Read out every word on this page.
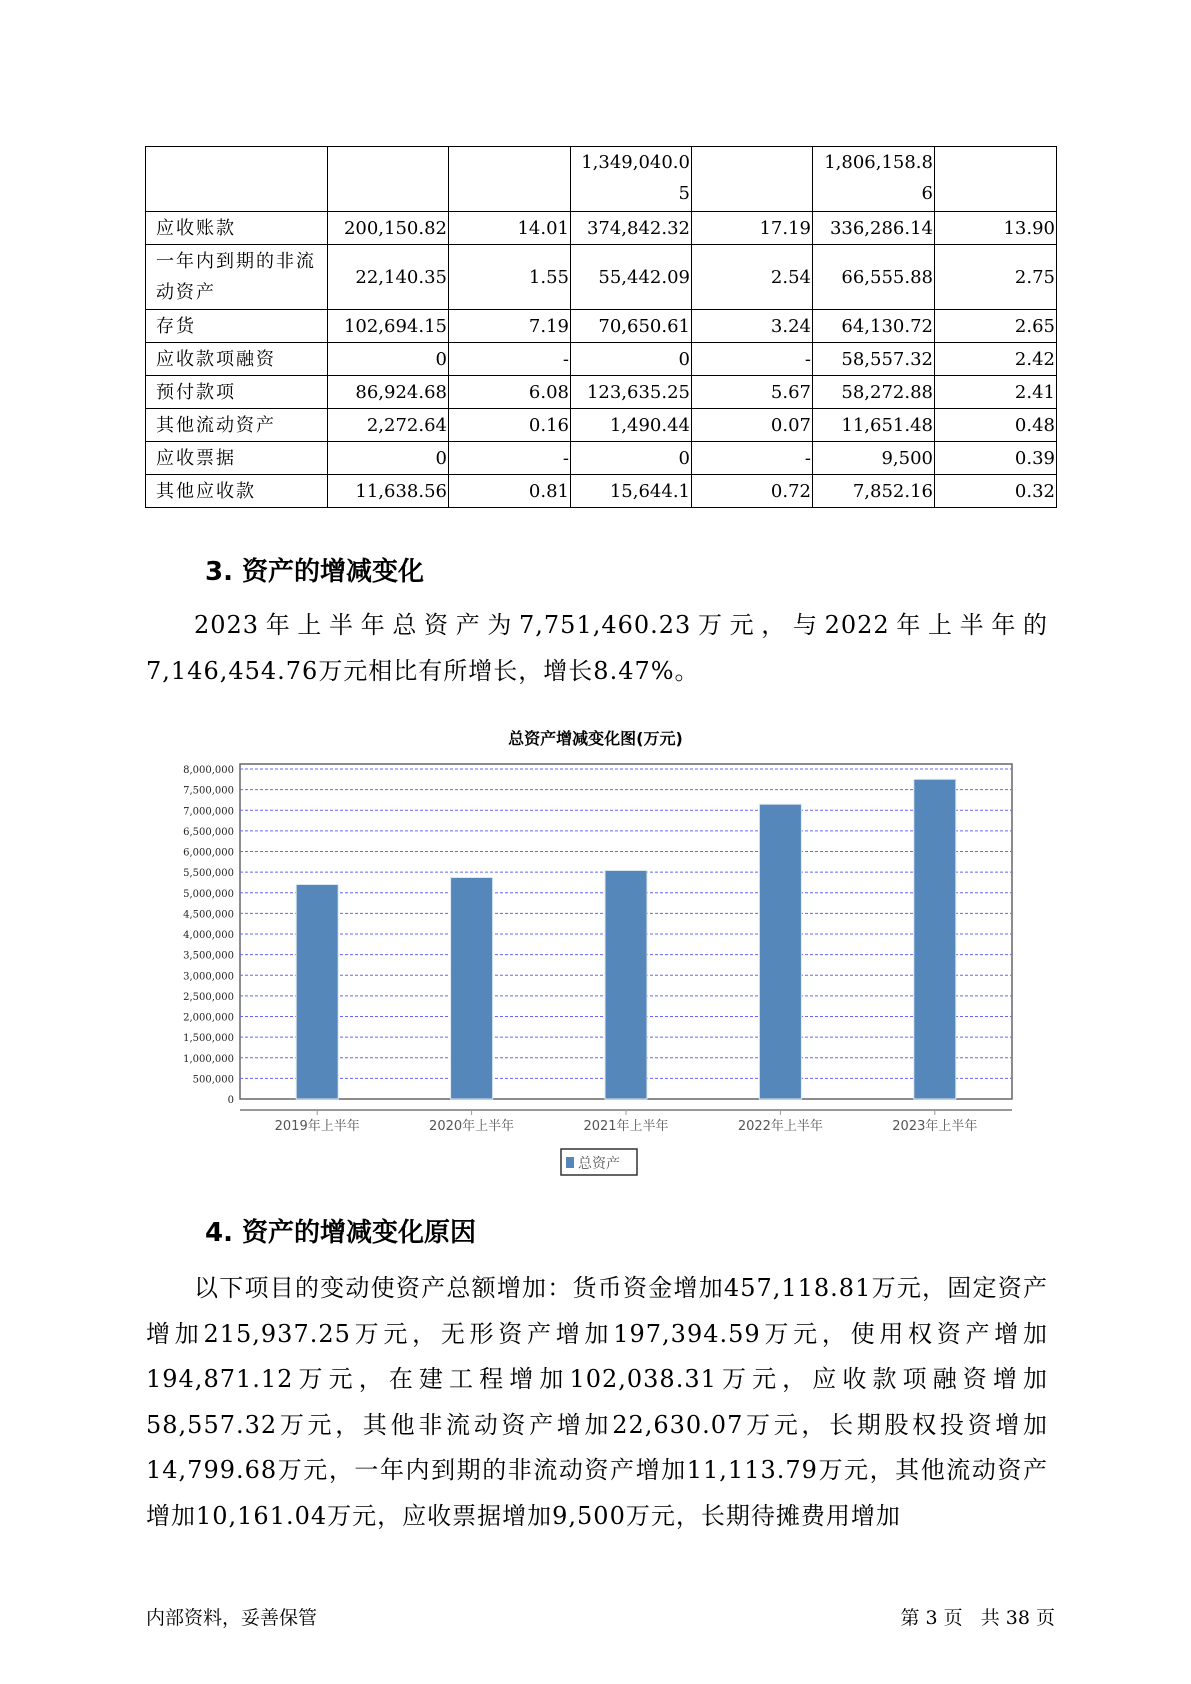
			1,349,040.05		1,806,158.86	
应收账款	200,150.82	14.01	374,842.32	17.19	336,286.14	13.90
一年内到期的非流动资产	22,140.35	1.55	55,442.09	2.54	66,555.88	2.75
存货	102,694.15	7.19	70,650.61	3.24	64,130.72	2.65
应收款项融资	0	-	0	-	58,557.32	2.42
预付款项	86,924.68	6.08	123,635.25	5.67	58,272.88	2.41
其他流动资产	2,272.64	0.16	1,490.44	0.07	11,651.48	0.48
应收票据	0	-	0	-	9,500	0.39
其他应收款	11,638.56	0.81	15,644.1	0.72	7,852.16	0.32
3. 资产的增减变化
2023年上半年总资产为7,751,460.23万元，与2022年上半年的7,146,454.76万元相比有所增长，增长8.47%。
总资产增减变化图(万元)
0
500,000
1,000,000
1,500,000
2,000,000
2,500,000
3,000,000
3,500,000
4,000,000
4,500,000
5,000,000
5,500,000
6,000,000
6,500,000
7,000,000
7,500,000
8,000,000
2019年上半年	2020年上半年	2021年上半年	2022年上半年	2023年上半年
总资产
4. 资产的增减变化原因
以下项目的变动使资产总额增加：货币资金增加457,118.81万元，固定资产增加215,937.25万元，无形资产增加197,394.59万元，使用权资产增加194,871.12万元，在建工程增加102,038.31万元，应收款项融资增加58,557.32万元，其他非流动资产增加22,630.07万元，长期股权投资增加14,799.68万元，一年内到期的非流动资产增加11,113.79万元，其他流动资产增加10,161.04万元，应收票据增加9,500万元，长期待摊费用增加
内部资料，妥善保管	第 3 页   共 38 页
